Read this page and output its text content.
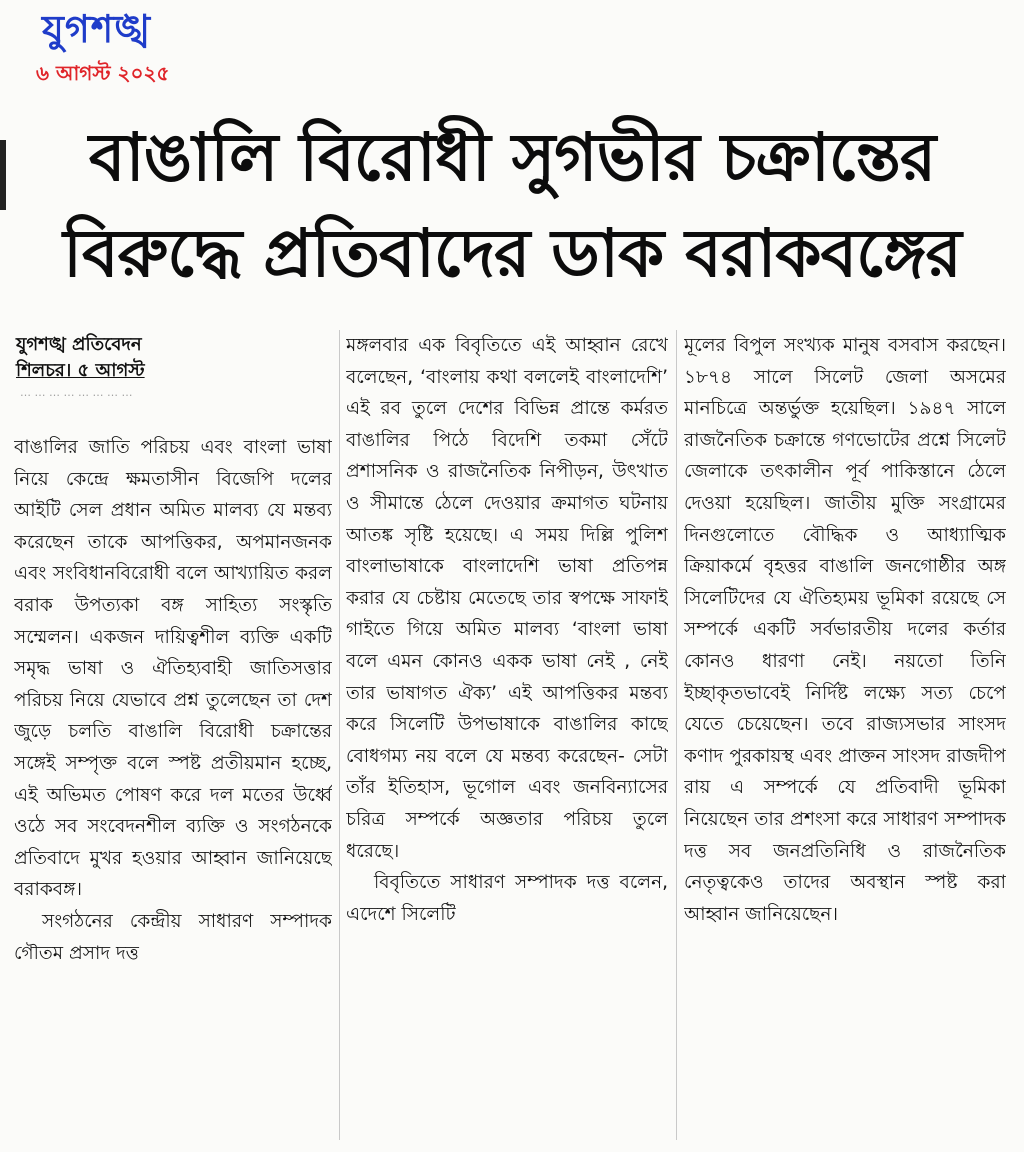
যুগশঙ্খ
৬ আগস্ট ২০২৫
বাঙালি বিরোধী সুগভীর চক্রান্তের
বিরুদ্ধে প্রতিবাদের ডাক বরাকবঙ্গের
যুগশঙ্খ প্রতিবেদন
শিলচর। ৫ আগস্ট
… … … … … … … …

বাঙালির জাতি পরিচয় এবং বাংলা ভাষা নিয়ে কেন্দ্রে ক্ষমতাসীন বিজেপি দলের আইটি সেল প্রধান অমিত মালব্য যে মন্তব্য করেছেন তাকে আপত্তিকর, অপমানজনক এবং সংবিধানবিরোধী বলে আখ্যায়িত করল বরাক উপত্যকা বঙ্গ সাহিত্য সংস্কৃতি সম্মেলন। একজন দায়িত্বশীল ব্যক্তি একটি সমৃদ্ধ ভাষা ও ঐতিহ্যবাহী জাতিসত্তার পরিচয় নিয়ে যেভাবে প্রশ্ন তুলেছেন তা দেশ জুড়ে চলতি বাঙালি বিরোধী চক্রান্তের সঙ্গেই সম্পৃক্ত বলে স্পষ্ট প্রতীয়মান হচ্ছে, এই অভিমত পোষণ করে দল মতের উর্ধ্বে ওঠে সব সংবেদনশীল ব্যক্তি ও সংগঠনকে প্রতিবাদে মুখর হওয়ার আহ্বান জানিয়েছে বরাকবঙ্গ।

সংগঠনের কেন্দ্রীয় সাধারণ সম্পাদক গৌতম প্রসাদ দত্ত

মঙ্গলবার এক বিবৃতিতে এই আহ্বান রেখে বলেছেন, ‘বাংলায় কথা বললেই বাংলাদেশি’ এই রব তুলে দেশের বিভিন্ন প্রান্তে কর্মরত বাঙালির পিঠে বিদেশি তকমা সেঁটে প্রশাসনিক ও রাজনৈতিক নিপীড়ন, উৎখাত ও সীমান্তে ঠেলে দেওয়ার ক্রমাগত ঘটনায় আতঙ্ক সৃষ্টি হয়েছে। এ সময় দিল্লি পুলিশ বাংলাভাষাকে বাংলাদেশি ভাষা প্রতিপন্ন করার যে চেষ্টায় মেতেছে তার স্বপক্ষে সাফাই গাইতে গিয়ে অমিত মালব্য ‘বাংলা ভাষা বলে এমন কোনও একক ভাষা নেই , নেই তার ভাষাগত ঐক্য’ এই আপত্তিকর মন্তব্য করে সিলেটি উপভাষাকে বাঙালির কাছে বোধগম্য নয় বলে যে মন্তব্য করেছেন- সেটা তাঁর ইতিহাস, ভূগোল এবং জনবিন্যাসের চরিত্র সম্পর্কে অজ্ঞতার পরিচয় তুলে ধরেছে।

বিবৃতিতে সাধারণ সম্পাদক দত্ত বলেন, এদেশে সিলেটি

মূলের বিপুল সংখ্যক মানুষ বসবাস করছেন। ১৮৭৪ সালে সিলেট জেলা অসমের মানচিত্রে অন্তর্ভুক্ত হয়েছিল। ১৯৪৭ সালে রাজনৈতিক চক্রান্তে গণভোটের প্রশ্নে সিলেট জেলাকে তৎকালীন পূর্ব পাকিস্তানে ঠেলে দেওয়া হয়েছিল। জাতীয় মুক্তি সংগ্রামের দিনগুলোতে বৌদ্ধিক ও আধ্যাত্মিক ক্রিয়াকর্মে বৃহত্তর বাঙালি জনগোষ্ঠীর অঙ্গ সিলেটিদের যে ঐতিহ্যময় ভূমিকা রয়েছে সে সম্পর্কে একটি সর্বভারতীয় দলের কর্তার কোনও ধারণা নেই। নয়তো তিনি ইচ্ছাকৃতভাবেই নির্দিষ্ট লক্ষ্যে সত্য চেপে যেতে চেয়েছেন। তবে রাজ্যসভার সাংসদ কণাদ পুরকায়স্থ এবং প্রাক্তন সাংসদ রাজদীপ রায় এ সম্পর্কে যে প্রতিবাদী ভূমিকা নিয়েছেন তার প্রশংসা করে সাধারণ সম্পাদক দত্ত সব জনপ্রতিনিধি ও রাজনৈতিক নেতৃত্বকেও তাদের অবস্থান স্পষ্ট করা আহ্বান জানিয়েছেন।
